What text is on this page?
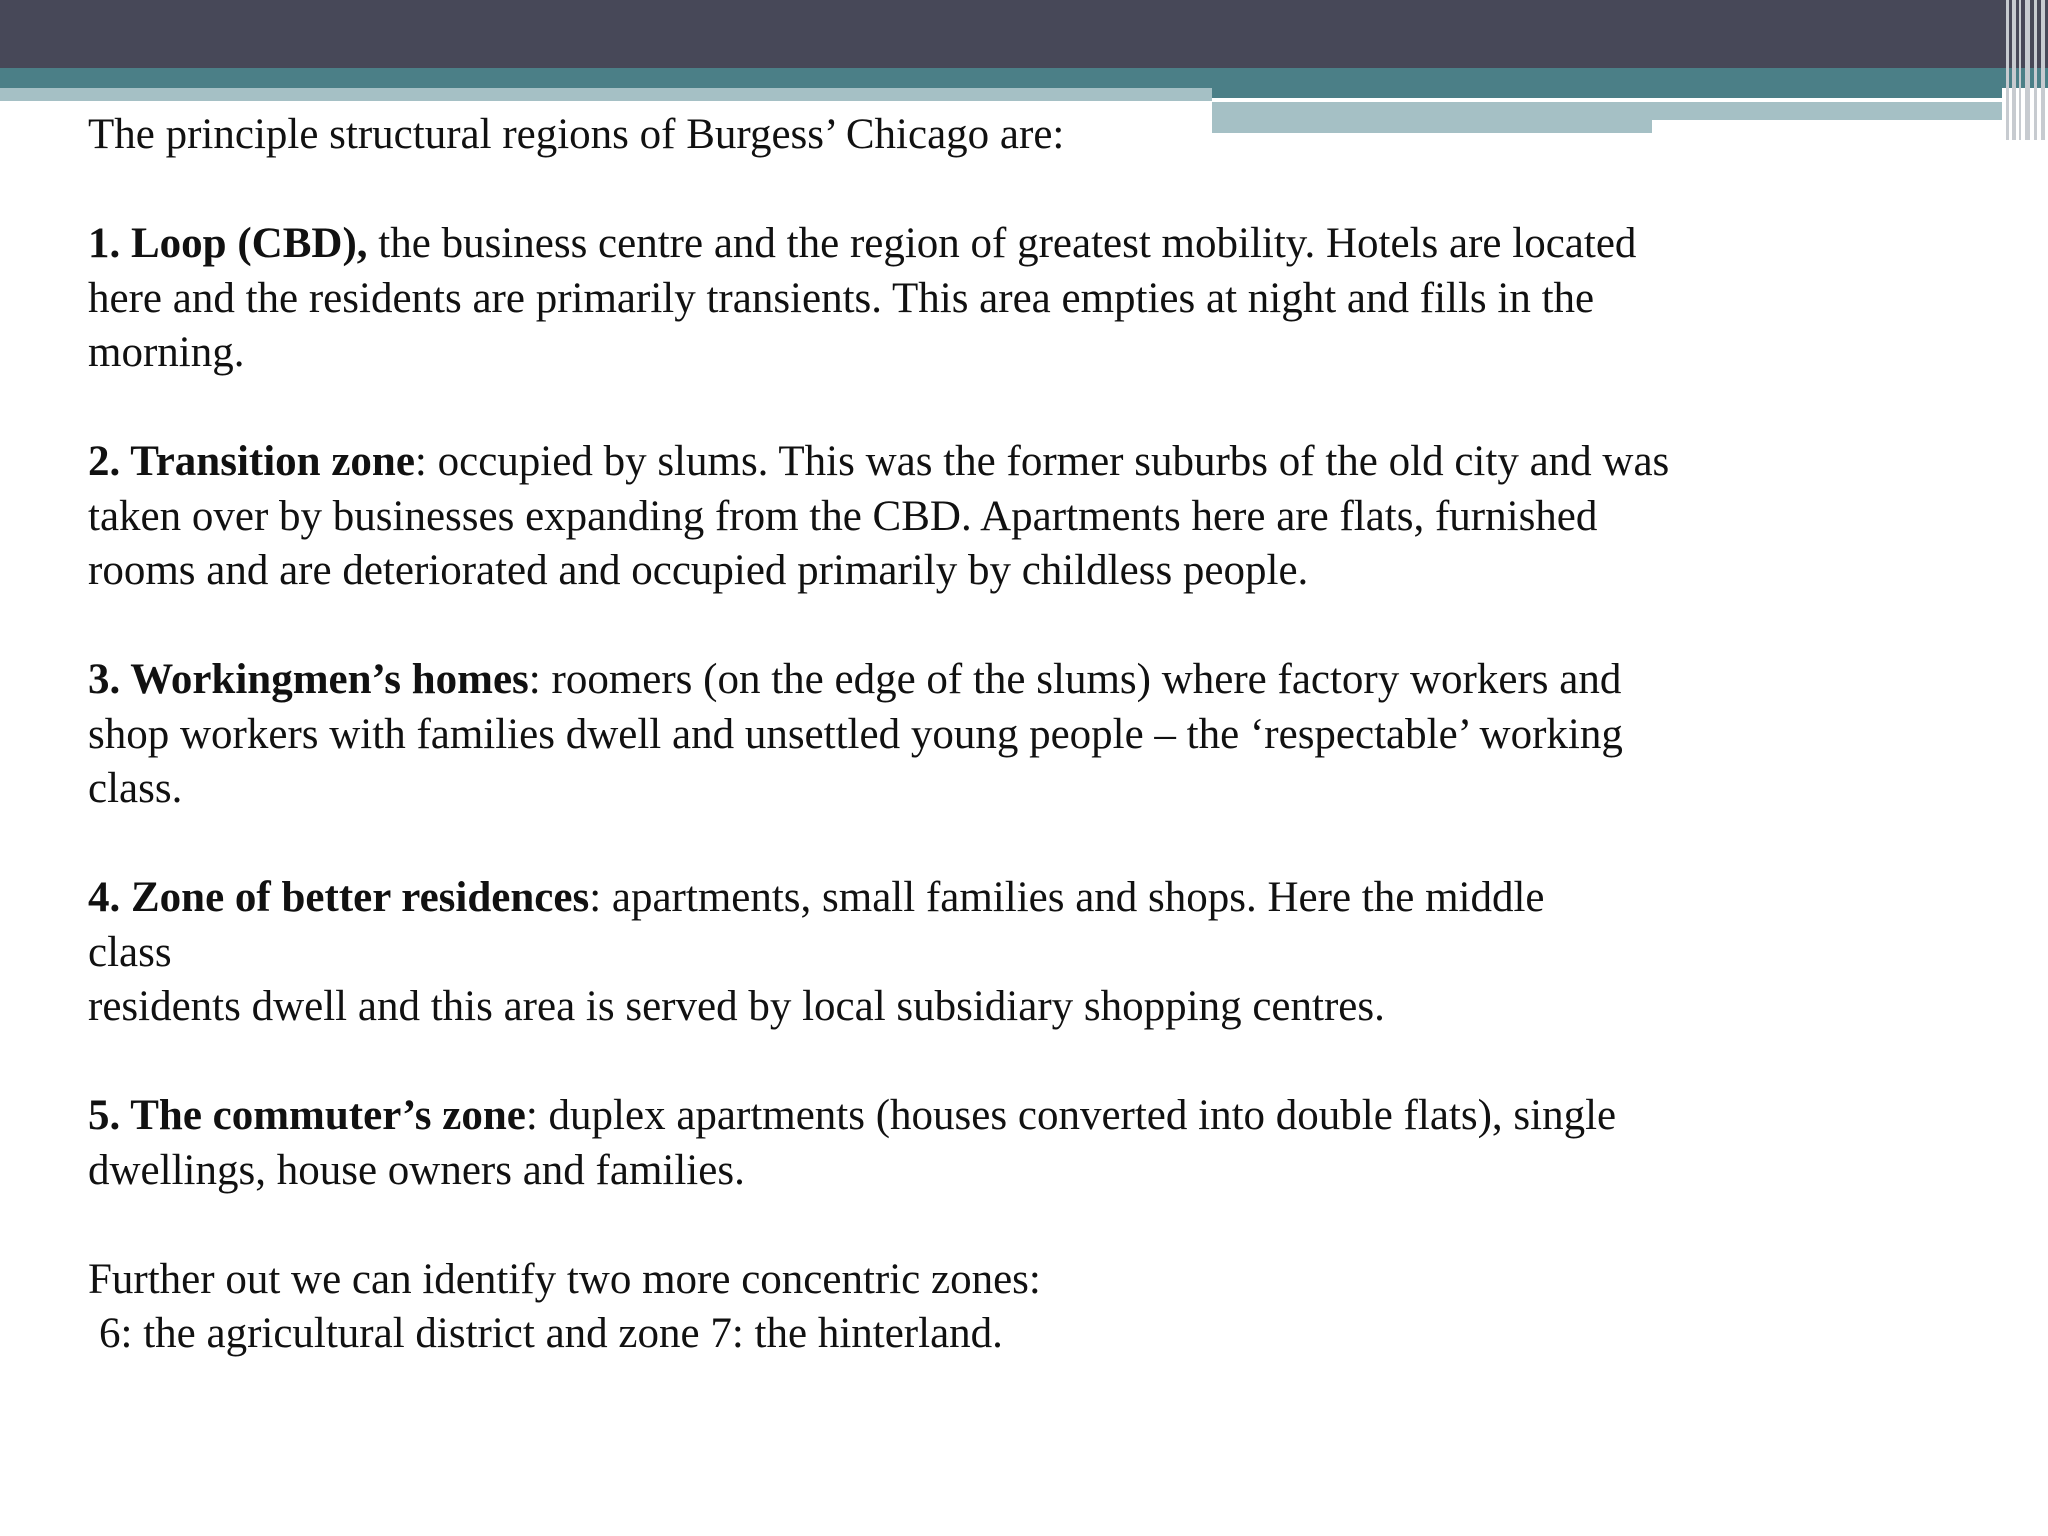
The principle structural regions of Burgess’ Chicago are:

1. Loop (CBD), the business centre and the region of greatest mobility. Hotels are located

here and the residents are primarily transients. This area empties at night and fills in the

morning.

2. Transition zone: occupied by slums. This was the former suburbs of the old city and was

taken over by businesses expanding from the CBD. Apartments here are flats, furnished

rooms and are deteriorated and occupied primarily by childless people.

3. Workingmen’s homes: roomers (on the edge of the slums) where factory workers and

shop workers with families dwell and unsettled young people – the ‘respectable’ working

class.

4. Zone of better residences: apartments, small families and shops. Here the middle

class

residents dwell and this area is served by local subsidiary shopping centres.

5. The commuter’s zone: duplex apartments (houses converted into double flats), single

dwellings, house owners and families.

Further out we can identify two more concentric zones:

6: the agricultural district and zone 7: the hinterland.
